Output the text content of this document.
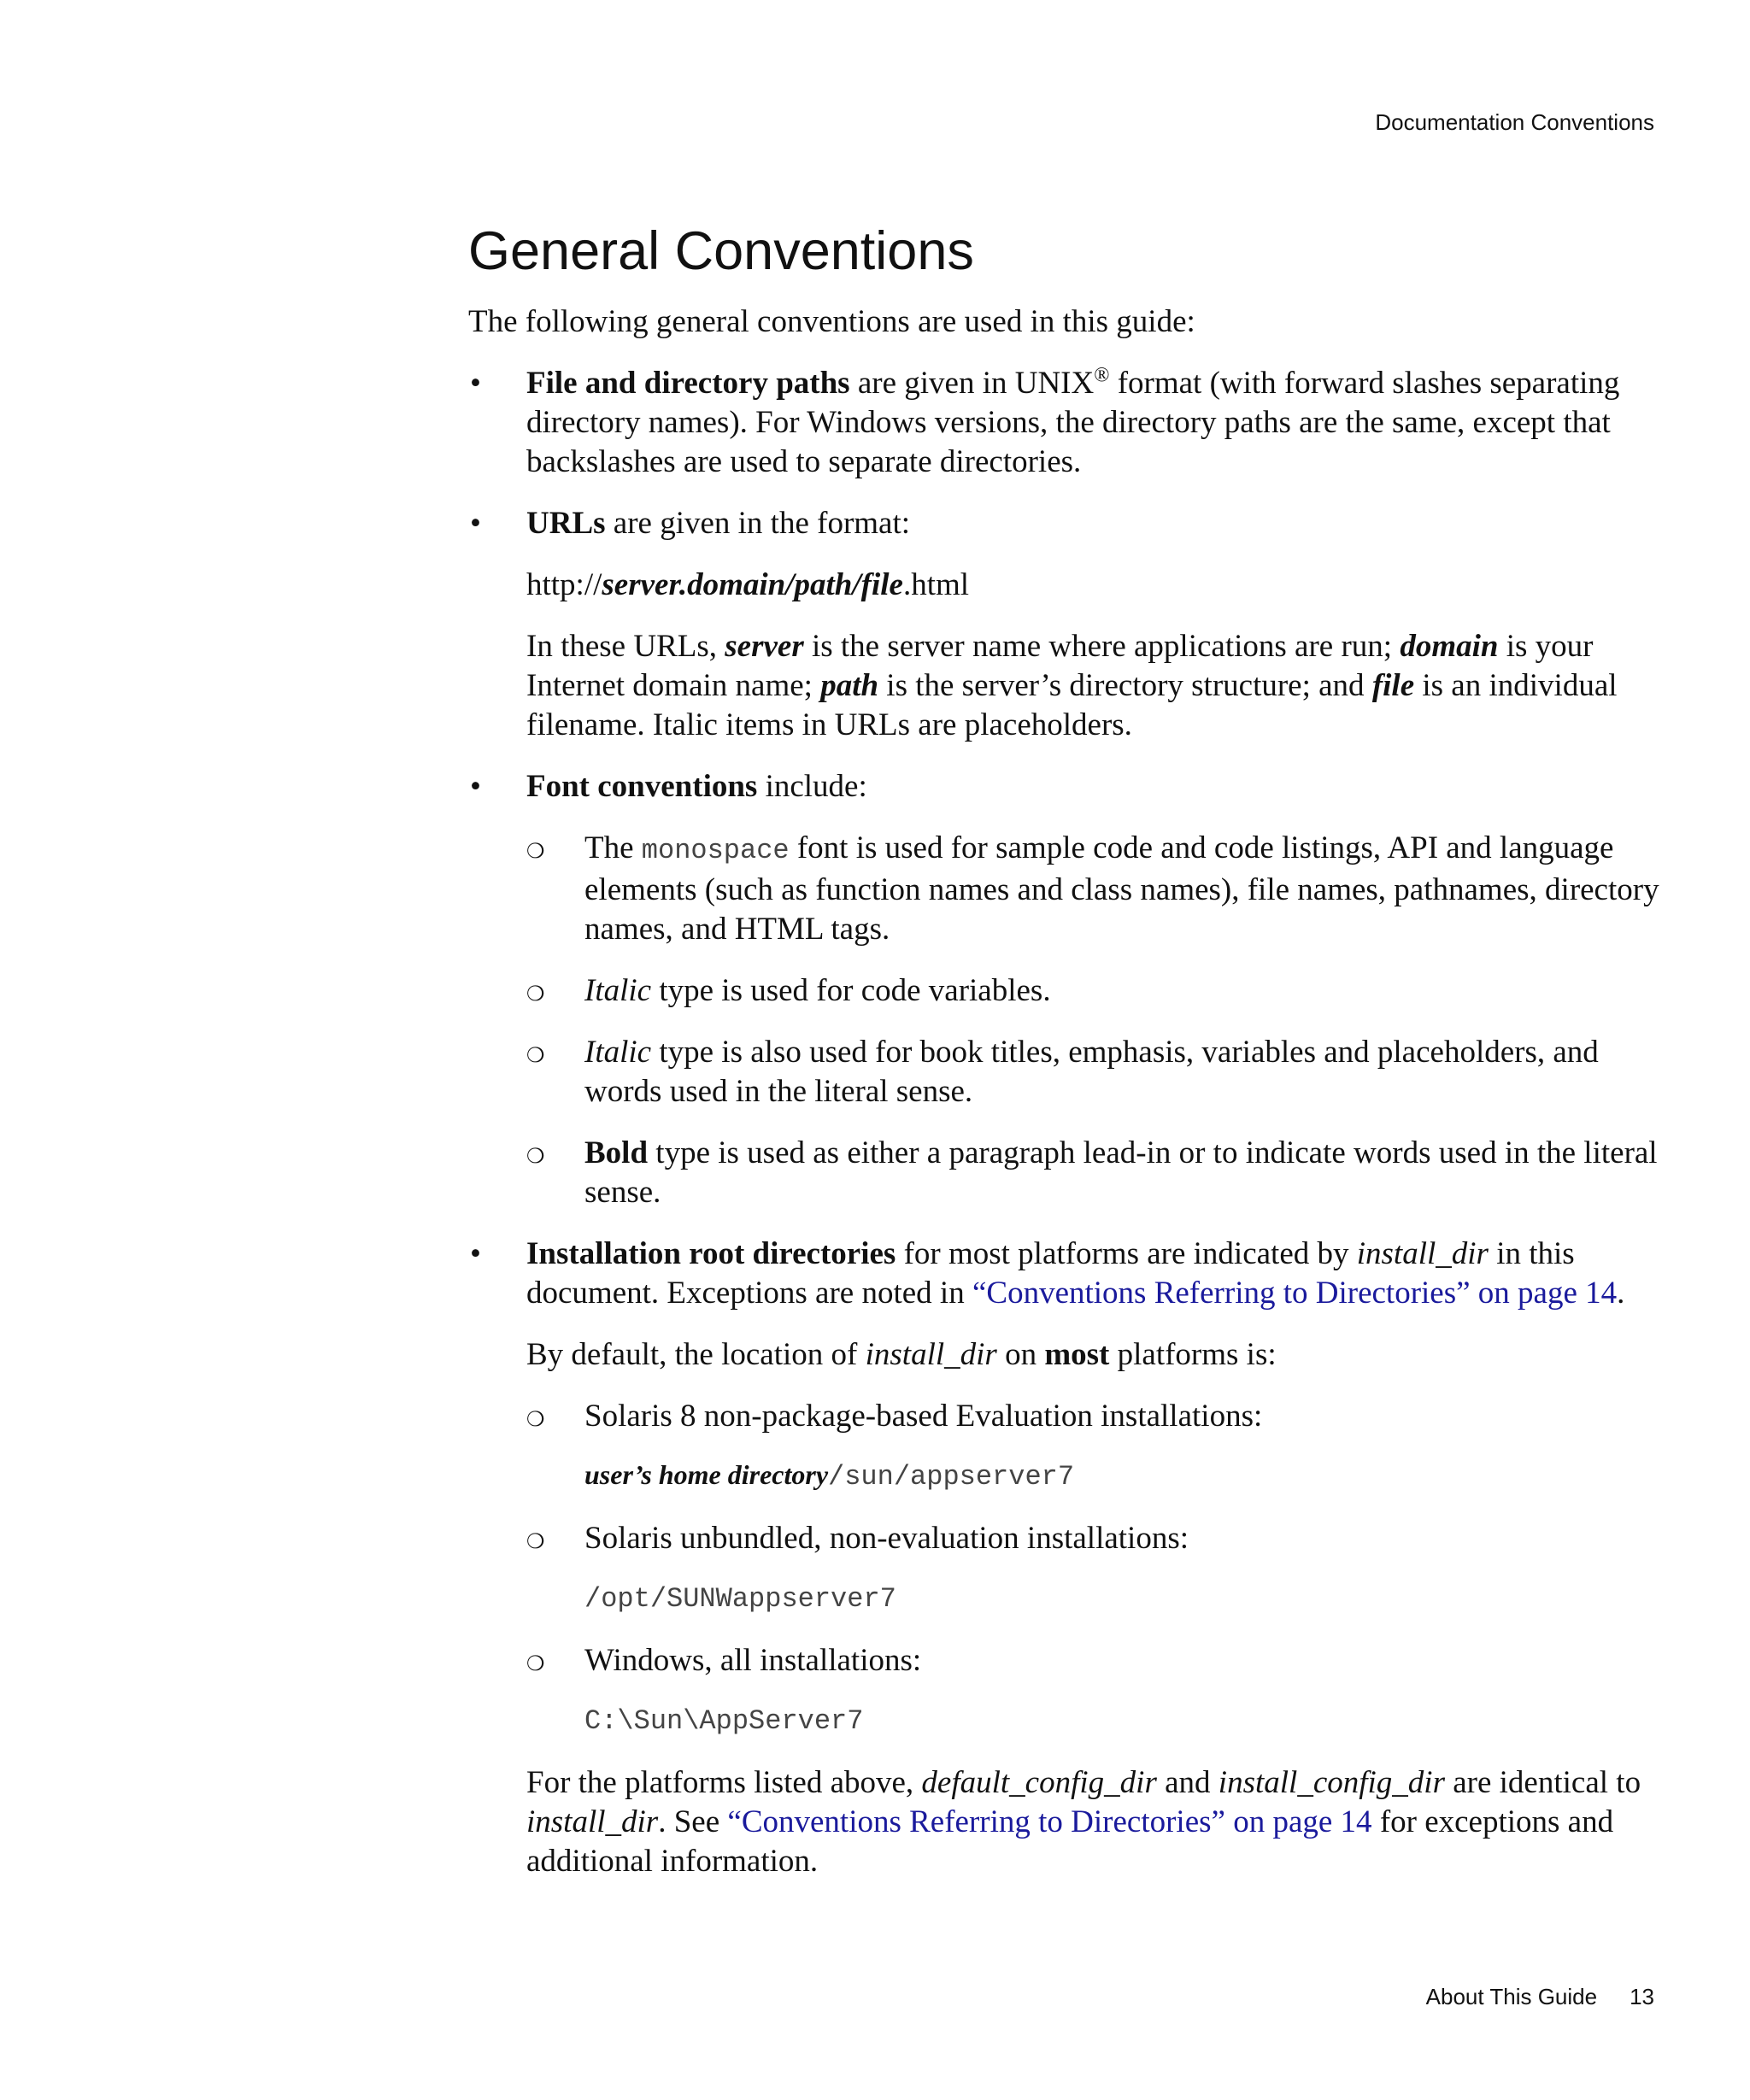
Documentation Conventions
General Conventions

The following general conventions are used in this guide:

• File and directory paths are given in UNIX® format (with forward slashes separating directory names). For Windows versions, the directory paths are the same, except that backslashes are used to separate directories.

• URLs are given in the format:

http://server.domain/path/file.html

In these URLs, server is the server name where applications are run; domain is your Internet domain name; path is the server’s directory structure; and file is an individual filename. Italic items in URLs are placeholders.

• Font conventions include:

❍ The monospace font is used for sample code and code listings, API and language elements (such as function names and class names), file names, pathnames, directory names, and HTML tags.

❍ Italic type is used for code variables.

❍ Italic type is also used for book titles, emphasis, variables and placeholders, and words used in the literal sense.

❍ Bold type is used as either a paragraph lead-in or to indicate words used in the literal sense.

• Installation root directories for most platforms are indicated by install_dir in this document. Exceptions are noted in “Conventions Referring to Directories” on page 14.

By default, the location of install_dir on most platforms is:

❍ Solaris 8 non-package-based Evaluation installations:

user’s home directory/sun/appserver7
❍ Solaris unbundled, non-evaluation installations:

/opt/SUNWappserver7
❍ Windows, all installations:

C:\Sun\AppServer7

For the platforms listed above, default_config_dir and install_config_dir are identical to install_dir. See “Conventions Referring to Directories” on page 14 for exceptions and additional information.

About This Guide 13
